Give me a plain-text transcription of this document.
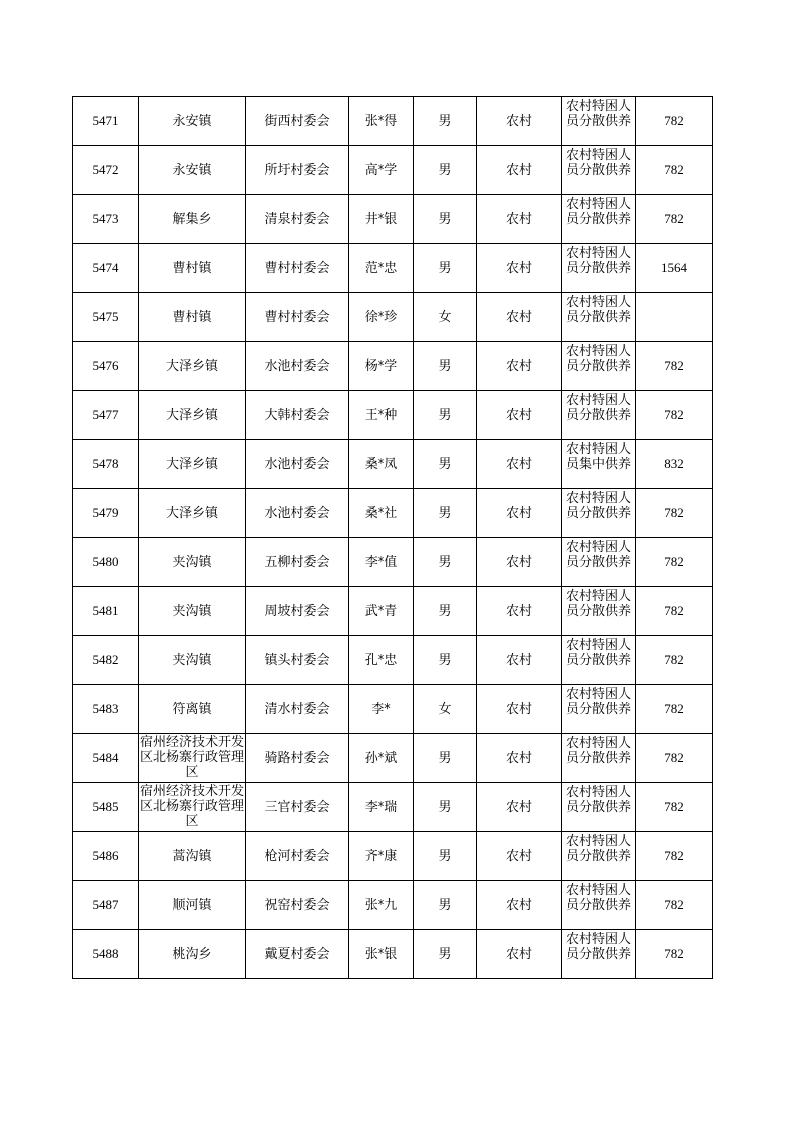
5471	永安镇	街西村委会	张*得	男	农村	农村特困人员分散供养	782
5472	永安镇	所圩村委会	高*学	男	农村	农村特困人员分散供养	782
5473	解集乡	清泉村委会	井*银	男	农村	农村特困人员分散供养	782
5474	曹村镇	曹村村委会	范*忠	男	农村	农村特困人员分散供养	1564
5475	曹村镇	曹村村委会	徐*珍	女	农村	农村特困人员分散供养	

5476	大泽乡镇	水池村委会	杨*学	男	农村	农村特困人员分散供养	782
5477	大泽乡镇	大韩村委会	王*种	男	农村	农村特困人员分散供养	782
5478	大泽乡镇	水池村委会	桑*凤	男	农村	农村特困人员集中供养	832
5479	大泽乡镇	水池村委会	桑*社	男	农村	农村特困人员分散供养	782
5480	夹沟镇	五柳村委会	李*值	男	农村	农村特困人员分散供养	782
5481	夹沟镇	周坡村委会	武*青	男	农村	农村特困人员分散供养	782
5482	夹沟镇	镇头村委会	孔*忠	男	农村	农村特困人员分散供养	782
5483	符离镇	清水村委会	李*	女	农村	农村特困人员分散供养	782
5484	宿州经济技术开发区北杨寨行政管理区	骑路村委会	孙*斌	男	农村	农村特困人员分散供养	782
5485	宿州经济技术开发区北杨寨行政管理区	三官村委会	李*瑞	男	农村	农村特困人员分散供养	782
5486	蒿沟镇	枪河村委会	齐*康	男	农村	农村特困人员分散供养	782
5487	顺河镇	祝窑村委会	张*九	男	农村	农村特困人员分散供养	782
5488	桃沟乡	戴夏村委会	张*银	男	农村	农村特困人员分散供养	782
